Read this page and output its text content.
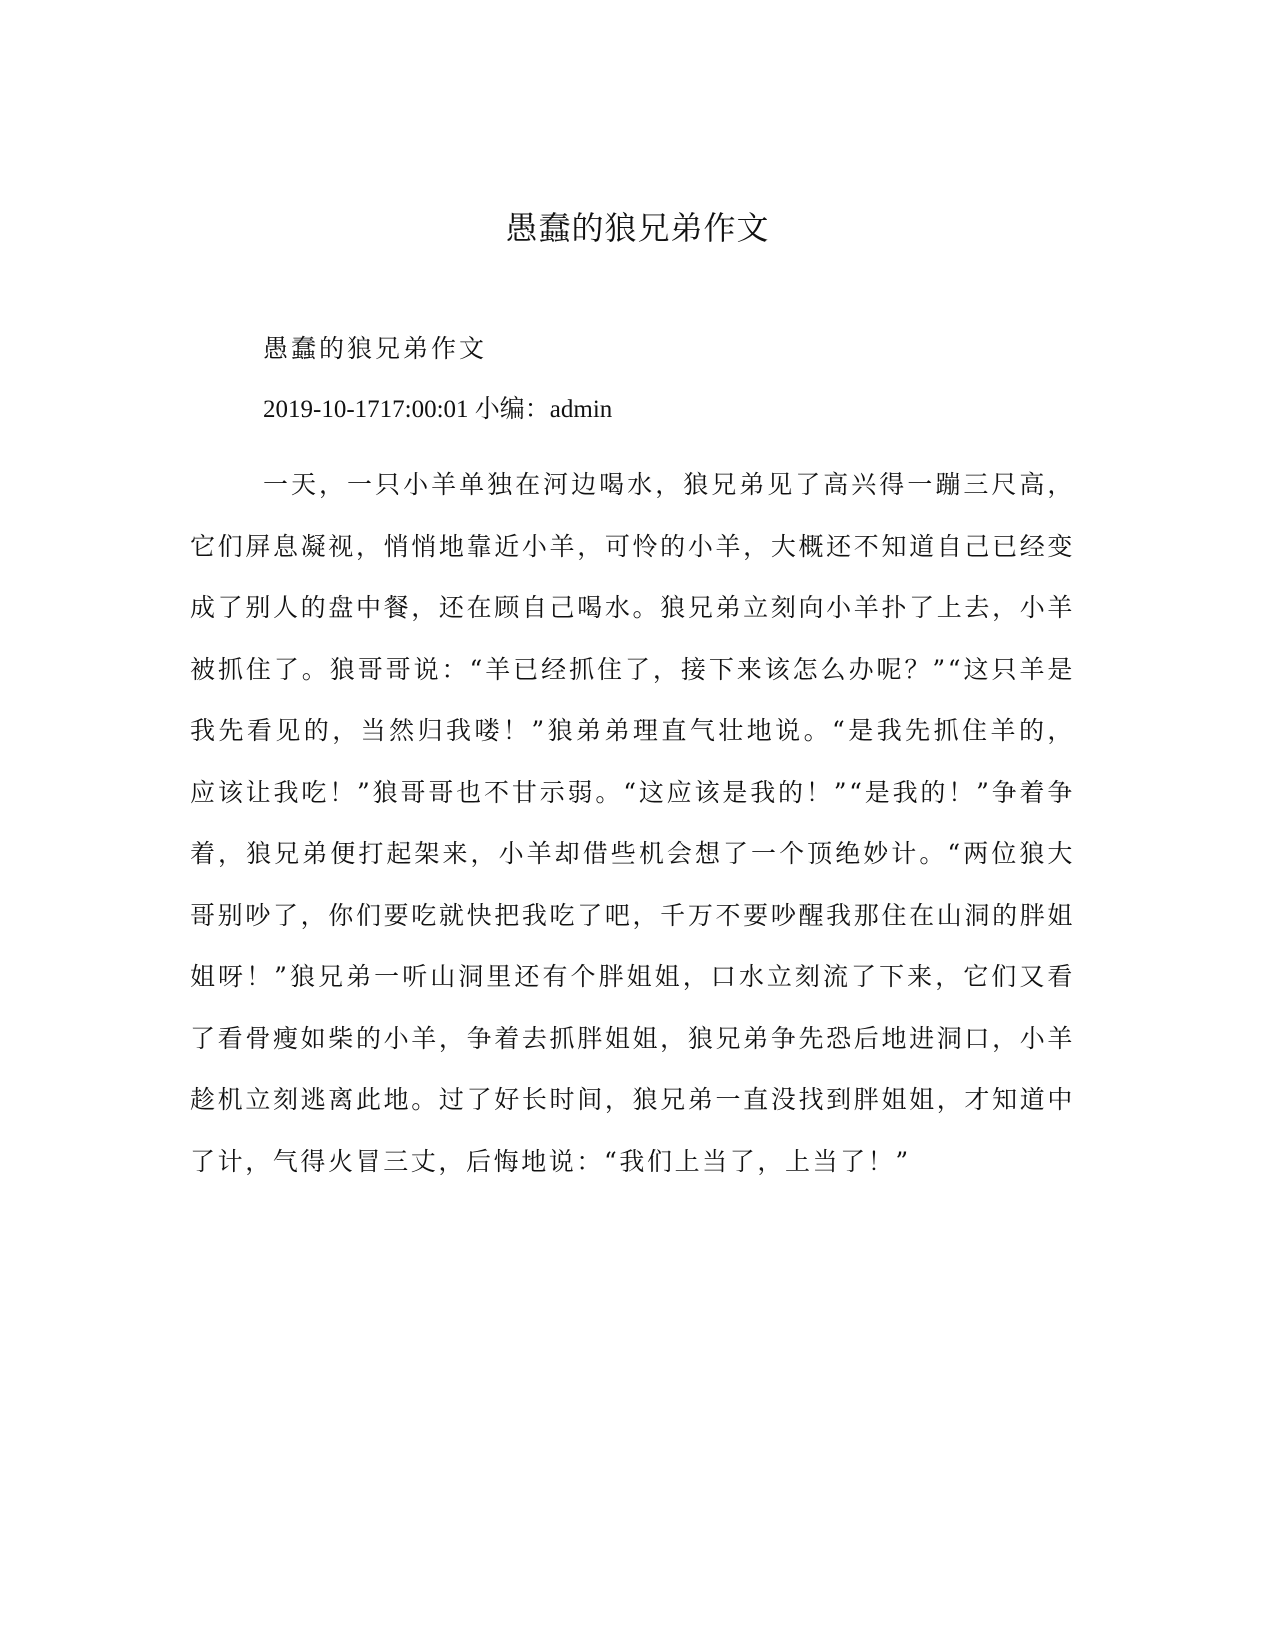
愚蠢的狼兄弟作文
愚蠢的狼兄弟作文
2019-10-1717:00:01 小编：admin

一天，一只小羊单独在河边喝水，狼兄弟见了高兴得一蹦三尺高，它们屏息凝视，悄悄地靠近小羊，可怜的小羊，大概还不知道自己已经变成了别人的盘中餐，还在顾自己喝水。狼兄弟立刻向小羊扑了上去，小羊被抓住了。狼哥哥说：“羊已经抓住了，接下来该怎么办呢？”“这只羊是我先看见的，当然归我喽！”狼弟弟理直气壮地说。“是我先抓住羊的，应该让我吃！”狼哥哥也不甘示弱。“这应该是我的！”“是我的！”争着争着，狼兄弟便打起架来，小羊却借些机会想了一个顶绝妙计。“两位狼大哥别吵了，你们要吃就快把我吃了吧，千万不要吵醒我那住在山洞的胖姐姐呀！”狼兄弟一听山洞里还有个胖姐姐，口水立刻流了下来，它们又看了看骨瘦如柴的小羊，争着去抓胖姐姐，狼兄弟争先恐后地进洞口，小羊趁机立刻逃离此地。过了好长时间，狼兄弟一直没找到胖姐姐，才知道中了计，气得火冒三丈，后悔地说：“我们上当了，上当了！”
